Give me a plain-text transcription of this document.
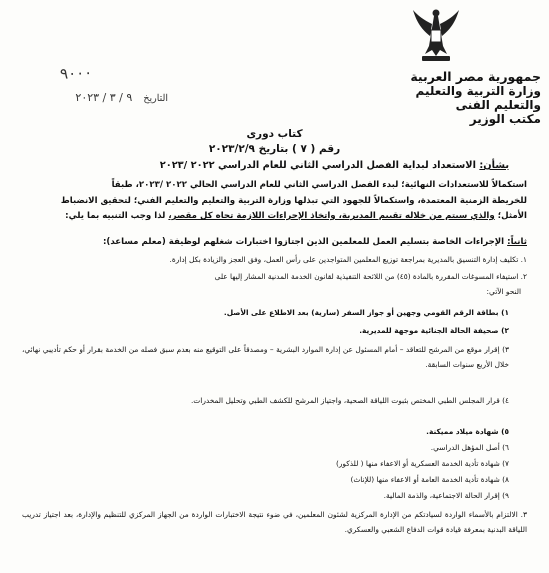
جمهورية مصر العربية
وزارة التربية والتعليم والتعليم الفنى
مكتب الوزير
٩٠٠٠
التاريخ ٩ / ٣ / ٢٠٢٣
كتاب دورى
رقم ( ٧ ) بتاريخ ٢٠٢٣/٢/٩
بشأن: الاستعداد لبداية الفصل الدراسي الثاني للعام الدراسي ٢٠٢٢ /٢٠٢٣
استكمالاً للاستعدادات النهائية؛ لبدء الفصل الدراسي الثاني للعام الدراسي الحالي ٢٠٢٢ /٢٠٢٣، طبقاً
للخريطة الزمنية المعتمدة، واستكمالاً للجهود التي تبذلها وزارة التربية والتعليم والتعليم الفني؛ لتحقيق الانضباط
الأمثل؛ والذي سيتم من خلاله تقييم المديرية، واتخاذ الإجراءات اللازمة تجاه كل مقصر، لذا وجب التنبيه بما يلي:
ثانياً: الإجراءات الخاصة بتسليم العمل للمعلمين الذين اجتازوا اختبارات شغلهم لوظيفة (معلم مساعد):
١. تكليف إدارة التنسيق بالمديرية بمراجعة توزيع المعلمين المتواجدين على رأس العمل، وفق العجز والزيادة بكل إدارة.
٢. استيفاء المسوغات المقررة بالمادة (٤٥) من اللائحة التنفيذية لقانون الخدمة المدنية المشار إليها على
النحو الآتي:
١) بطاقة الرقم القومي وجهين أو جواز السفر (سارية) بعد الاطلاع على الأصل.
٢) صحيفة الحالة الجنائية موجهة للمديرية.
٣) إقرار موقع من المرشح للتعاقد – أمام المسئول عن إدارة الموارد البشرية – ومصدقاً على التوقيع منه بعدم سبق فصله من الخدمة بقرار أو حكم تأديبي نهائي، خلال الأربع سنوات السابقة.
٤) قرار المجلس الطبي المختص بثبوت اللياقة الصحية، واجتياز المرشح للكشف الطبي وتحليل المخدرات.
٥) شهادة ميلاد مميكنة.
٦) أصل المؤهل الدراسي.
٧) شهادة تأدية الخدمة العسكرية أو الاعفاء منها ( للذكور)
٨) شهادة تأدية الخدمة العامة أو الاعفاء منها (للإناث)
٩) إقرار الحالة الاجتماعية، والذمة المالية.
٣. الالتزام بالأسماء الواردة لسيادتكم من الإدارة المركزية لشئون المعلمين، في ضوء نتيجة الاختبارات الواردة من الجهاز المركزي للتنظيم والإدارة، بعد اجتياز تدريب اللياقة البدنية بمعرفة قيادة قوات الدفاع الشعبي والعسكري.
